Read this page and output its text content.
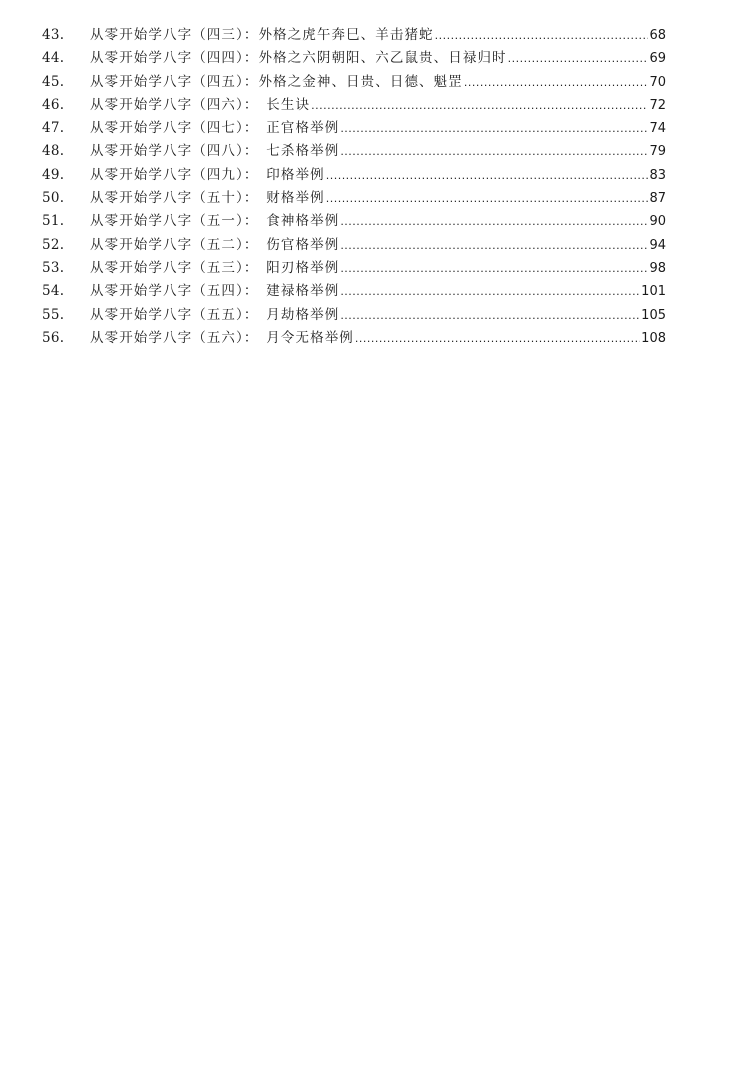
43.	从零开始学八字（四三）：外格之虎午奔巳、羊击猪蛇 .....	68
44.	从零开始学八字（四四）：外格之六阴朝阳、六乙鼠贵、日禄归时 .....	69
45.	从零开始学八字（四五）：外格之金神、日贵、日德、魁罡 .....	70
46.	从零开始学八字（四六）：　长生诀 .....	72
47.	从零开始学八字（四七）：　正官格举例 .....	74
48.	从零开始学八字（四八）：　七杀格举例 .....	79
49.	从零开始学八字（四九）：　印格举例 .....	83
50.	从零开始学八字（五十）：　财格举例 .....	87
51.	从零开始学八字（五一）：　食神格举例 .....	90
52.	从零开始学八字（五二）：　伤官格举例 .....	94
53.	从零开始学八字（五三）：　阳刃格举例 .....	98
54.	从零开始学八字（五四）：　建禄格举例 .....	101
55.	从零开始学八字（五五）：　月劫格举例 .....	105
56.	从零开始学八字（五六）：　月令无格举例 .....	108
